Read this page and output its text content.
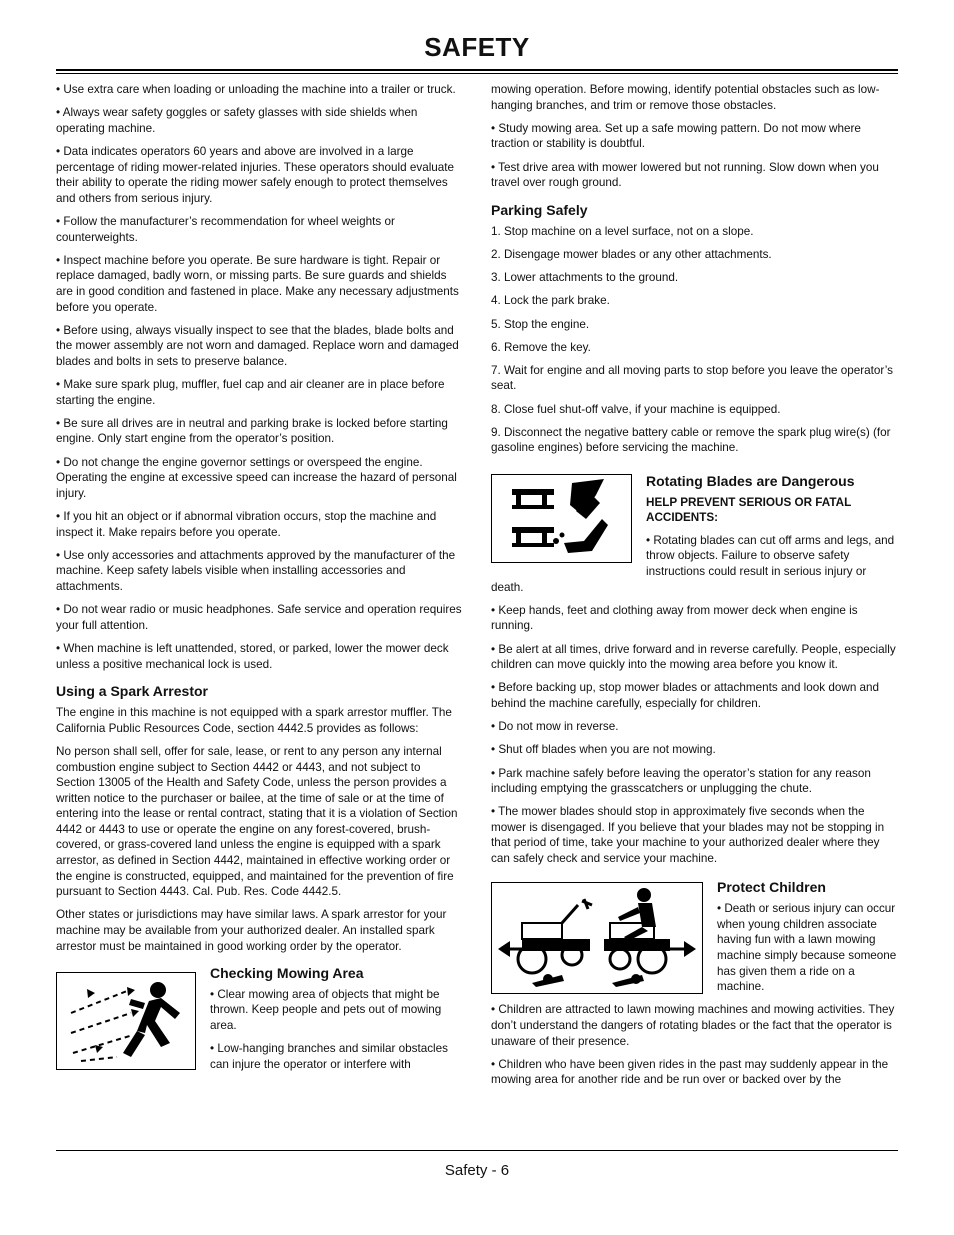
SAFETY

• Use extra care when loading or unloading the machine into a trailer or truck.

• Always wear safety goggles or safety glasses with side shields when operating machine.

• Data indicates operators 60 years and above are involved in a large percentage of riding mower-related injuries. These operators should evaluate their ability to operate the riding mower safely enough to protect themselves and others from serious injury.

• Follow the manufacturer’s recommendation for wheel weights or counterweights.

• Inspect machine before you operate. Be sure hardware is tight. Repair or replace damaged, badly worn, or missing parts. Be sure guards and shields are in good condition and fastened in place. Make any necessary adjustments before you operate.

• Before using, always visually inspect to see that the blades, blade bolts and the mower assembly are not worn and damaged. Replace worn and damaged blades and bolts in sets to preserve balance.

• Make sure spark plug, muffler, fuel cap and air cleaner are in place before starting the engine.

• Be sure all drives are in neutral and parking brake is locked before starting engine. Only start engine from the operator’s position.

• Do not change the engine governor settings or overspeed the engine. Operating the engine at excessive speed can increase the hazard of personal injury.

• If you hit an object or if abnormal vibration occurs, stop the machine and inspect it. Make repairs before you operate.

• Use only accessories and attachments approved by the manufacturer of the machine. Keep safety labels visible when installing accessories and attachments.

• Do not wear radio or music headphones. Safe service and operation requires your full attention.

• When machine is left unattended, stored, or parked, lower the mower deck unless a positive mechanical lock is used.

Using a Spark Arrestor

The engine in this machine is not equipped with a spark arrestor muffler. The California Public Resources Code, section 4442.5 provides as follows:

No person shall sell, offer for sale, lease, or rent to any person any internal combustion engine subject to Section 4442 or 4443, and not subject to Section 13005 of the Health and Safety Code, unless the person provides a written notice to the purchaser or bailee, at the time of sale or at the time of entering into the lease or rental contract, stating that it is a violation of Section 4442 or 4443 to use or operate the engine on any forest-covered, brush-covered, or grass-covered land unless the engine is equipped with a spark arrestor, as defined in Section 4442, maintained in effective working order or the engine is constructed, equipped, and maintained for the prevention of fire pursuant to Section 4443. Cal. Pub. Res. Code 4442.5.

Other states or jurisdictions may have similar laws. A spark arrestor for your machine may be available from your authorized dealer. An installed spark arrestor must be maintained in good working order by the operator.

Checking Mowing Area

• Clear mowing area of objects that might be thrown. Keep people and pets out of mowing area.

• Low-hanging branches and similar obstacles can injure the operator or interfere with

mowing operation. Before mowing, identify potential obstacles such as low-hanging branches, and trim or remove those obstacles.

• Study mowing area. Set up a safe mowing pattern. Do not mow where traction or stability is doubtful.

• Test drive area with mower lowered but not running. Slow down when you travel over rough ground.

Parking Safely

1. Stop machine on a level surface, not on a slope.

2. Disengage mower blades or any other attachments.

3. Lower attachments to the ground.

4. Lock the park brake.

5. Stop the engine.

6. Remove the key.

7. Wait for engine and all moving parts to stop before you leave the operator’s seat.

8. Close fuel shut-off valve, if your machine is equipped.

9. Disconnect the negative battery cable or remove the spark plug wire(s) (for gasoline engines) before servicing the machine.

Rotating Blades are Dangerous
HELP PREVENT SERIOUS OR FATAL ACCIDENTS:

• Rotating blades can cut off arms and legs, and throw objects. Failure to observe safety instructions could result in serious injury or death.

• Keep hands, feet and clothing away from mower deck when engine is running.

• Be alert at all times, drive forward and in reverse carefully. People, especially children can move quickly into the mowing area before you know it.

• Before backing up, stop mower blades or attachments and look down and behind the machine carefully, especially for children.

• Do not mow in reverse.

• Shut off blades when you are not mowing.

• Park machine safely before leaving the operator’s station for any reason including emptying the grasscatchers or unplugging the chute.

• The mower blades should stop in approximately five seconds when the mower is disengaged. If you believe that your blades may not be stopping in that period of time, take your machine to your authorized dealer where they can safely check and service your machine.

Protect Children

• Death or serious injury can occur when young children associate having fun with a lawn mowing machine simply because someone has given them a ride on a machine.

• Children are attracted to lawn mowing machines and mowing activities. They don’t understand the dangers of rotating blades or the fact that the operator is unaware of their presence.

• Children who have been given rides in the past may suddenly appear in the mowing area for another ride and be run over or backed over by the

Safety - 6
